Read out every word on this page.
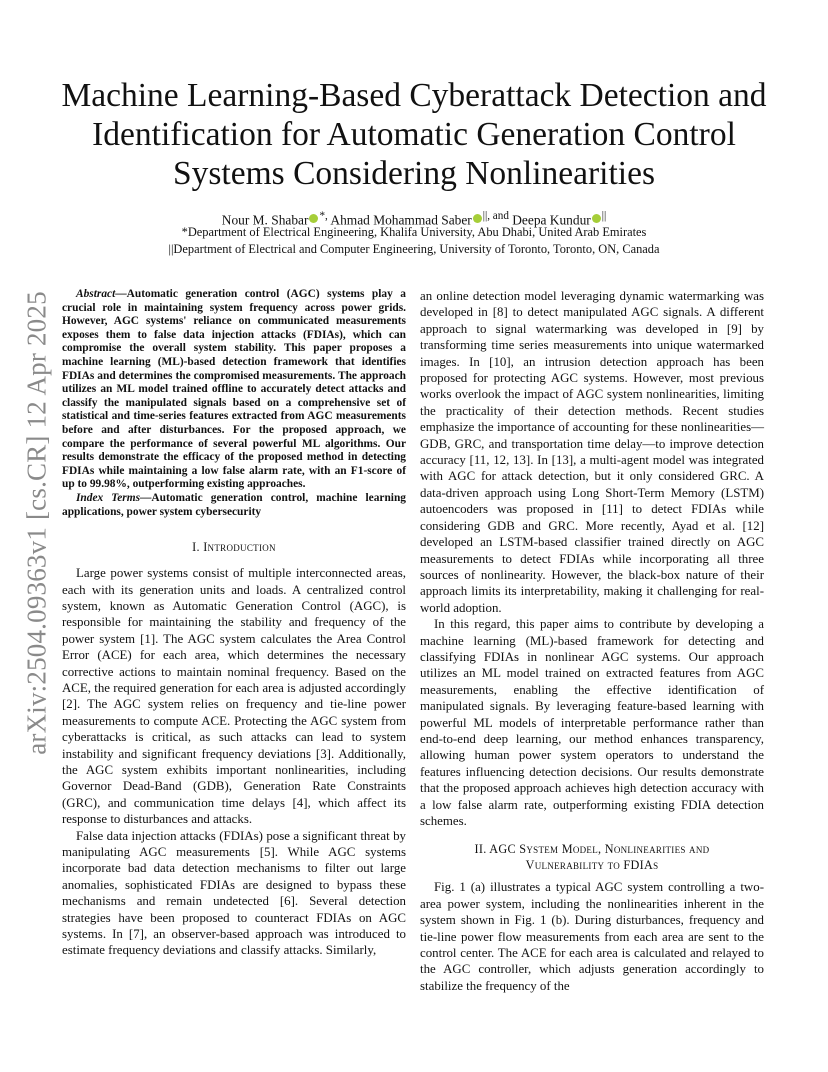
arXiv:2504.09363v1 [cs.CR] 12 Apr 2025
Machine Learning-Based Cyberattack Detection and
Identification for Automatic Generation Control
Systems Considering Nonlinearities
Nour M. Shabar *, Ahmad Mohammad Saber $^{||, and}$ Deepa Kundur ||
*Department of Electrical Engineering, Khalifa University, Abu Dhabi, United Arab Emirates
||Department of Electrical and Computer Engineering, University of Toronto, Toronto, ON, Canada

Abstract—Automatic generation control (AGC) systems play a crucial role in maintaining system frequency across power grids. However, AGC systems' reliance on communicated measurements exposes them to false data injection attacks (FDIAs), which can compromise the overall system stability. This paper proposes a machine learning (ML)-based detection framework that identifies FDIAs and determines the compromised measurements. The approach utilizes an ML model trained offline to accurately detect attacks and classify the manipulated signals based on a comprehensive set of statistical and time-series features extracted from AGC measurements before and after disturbances. For the proposed approach, we compare the performance of several powerful ML algorithms. Our results demonstrate the efficacy of the proposed method in detecting FDIAs while maintaining a low false alarm rate, with an F1-score of up to 99.98%, outperforming existing approaches.

Index Terms—Automatic generation control, machine learning applications, power system cybersecurity

I. Introduction

Large power systems consist of multiple interconnected areas, each with its generation units and loads. A centralized control system, known as Automatic Generation Control (AGC), is responsible for maintaining the stability and frequency of the power system [1]. The AGC system calculates the Area Control Error (ACE) for each area, which determines the necessary corrective actions to maintain nominal frequency. Based on the ACE, the required generation for each area is adjusted accordingly [2]. The AGC system relies on frequency and tie-line power measurements to compute ACE. Protecting the AGC system from cyberattacks is critical, as such attacks can lead to system instability and significant frequency deviations [3]. Additionally, the AGC system exhibits important nonlinearities, including Governor Dead-Band (GDB), Generation Rate Constraints (GRC), and communication time delays [4], which affect its response to disturbances and attacks.

False data injection attacks (FDIAs) pose a significant threat by manipulating AGC measurements [5]. While AGC systems incorporate bad data detection mechanisms to filter out large anomalies, sophisticated FDIAs are designed to bypass these mechanisms and remain undetected [6]. Several detection strategies have been proposed to counteract FDIAs on AGC systems. In [7], an observer-based approach was introduced to estimate frequency deviations and classify attacks. Similarly,

an online detection model leveraging dynamic watermarking was developed in [8] to detect manipulated AGC signals. A different approach to signal watermarking was developed in [9] by transforming time series measurements into unique watermarked images. In [10], an intrusion detection approach has been proposed for protecting AGC systems. However, most previous works overlook the impact of AGC system nonlinearities, limiting the practicality of their detection methods. Recent studies emphasize the importance of accounting for these nonlinearities—GDB, GRC, and transportation time delay—to improve detection accuracy [11, 12, 13]. In [13], a multi-agent model was integrated with AGC for attack detection, but it only considered GRC. A data-driven approach using Long Short-Term Memory (LSTM) autoencoders was proposed in [11] to detect FDIAs while considering GDB and GRC. More recently, Ayad et al. [12] developed an LSTM-based classifier trained directly on AGC measurements to detect FDIAs while incorporating all three sources of nonlinearity. However, the black-box nature of their approach limits its interpretability, making it challenging for real-world adoption.

In this regard, this paper aims to contribute by developing a machine learning (ML)-based framework for detecting and classifying FDIAs in nonlinear AGC systems. Our approach utilizes an ML model trained on extracted features from AGC measurements, enabling the effective identification of manipulated signals. By leveraging feature-based learning with powerful ML models of interpretable performance rather than end-to-end deep learning, our method enhances transparency, allowing human power system operators to understand the features influencing detection decisions. Our results demonstrate that the proposed approach achieves high detection accuracy with a low false alarm rate, outperforming existing FDIA detection schemes.

II. AGC System Model, Nonlinearities and
Vulnerability to FDIAs

Fig. 1 (a) illustrates a typical AGC system controlling a two-area power system, including the nonlinearities inherent in the system shown in Fig. 1 (b). During disturbances, frequency and tie-line power flow measurements from each area are sent to the control center. The ACE for each area is calculated and relayed to the AGC controller, which adjusts generation accordingly to stabilize the frequency of the
